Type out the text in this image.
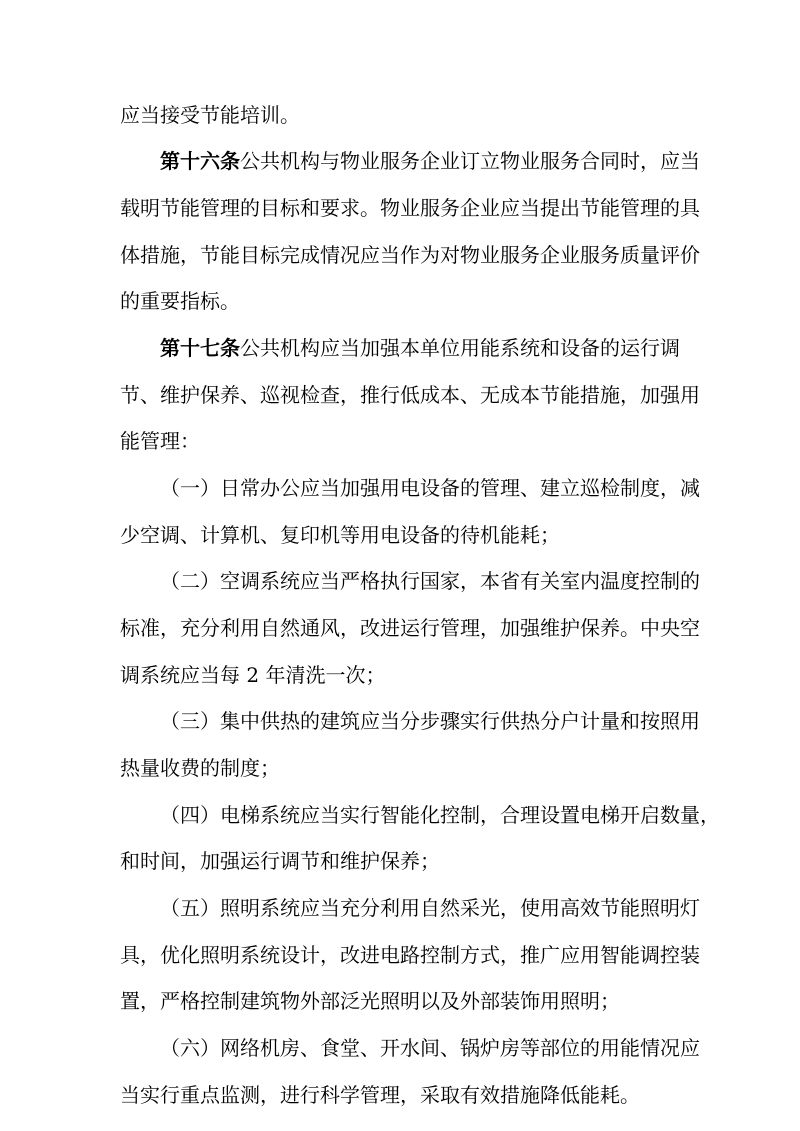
应当接受节能培训。
第十六条公共机构与物业服务企业订立物业服务合同时，应当
载明节能管理的目标和要求。物业服务企业应当提出节能管理的具
体措施，节能目标完成情况应当作为对物业服务企业服务质量评价
的重要指标。
第十七条公共机构应当加强本单位用能系统和设备的运行调
节、维护保养、巡视检查，推行低成本、无成本节能措施，加强用
能管理：
（一）日常办公应当加强用电设备的管理、建立巡检制度，减
少空调、计算机、复印机等用电设备的待机能耗；
（二）空调系统应当严格执行国家，本省有关室内温度控制的
标准，充分利用自然通风，改进运行管理，加强维护保养。中央空
调系统应当每 2 年清洗一次；
（三）集中供热的建筑应当分步骤实行供热分户计量和按照用
热量收费的制度；
（四）电梯系统应当实行智能化控制，合理设置电梯开启数量，
和时间，加强运行调节和维护保养；
（五）照明系统应当充分利用自然采光，使用高效节能照明灯
具，优化照明系统设计，改进电路控制方式，推广应用智能调控装
置，严格控制建筑物外部泛光照明以及外部装饰用照明；
（六）网络机房、食堂、开水间、锅炉房等部位的用能情况应
当实行重点监测，进行科学管理，采取有效措施降低能耗。
